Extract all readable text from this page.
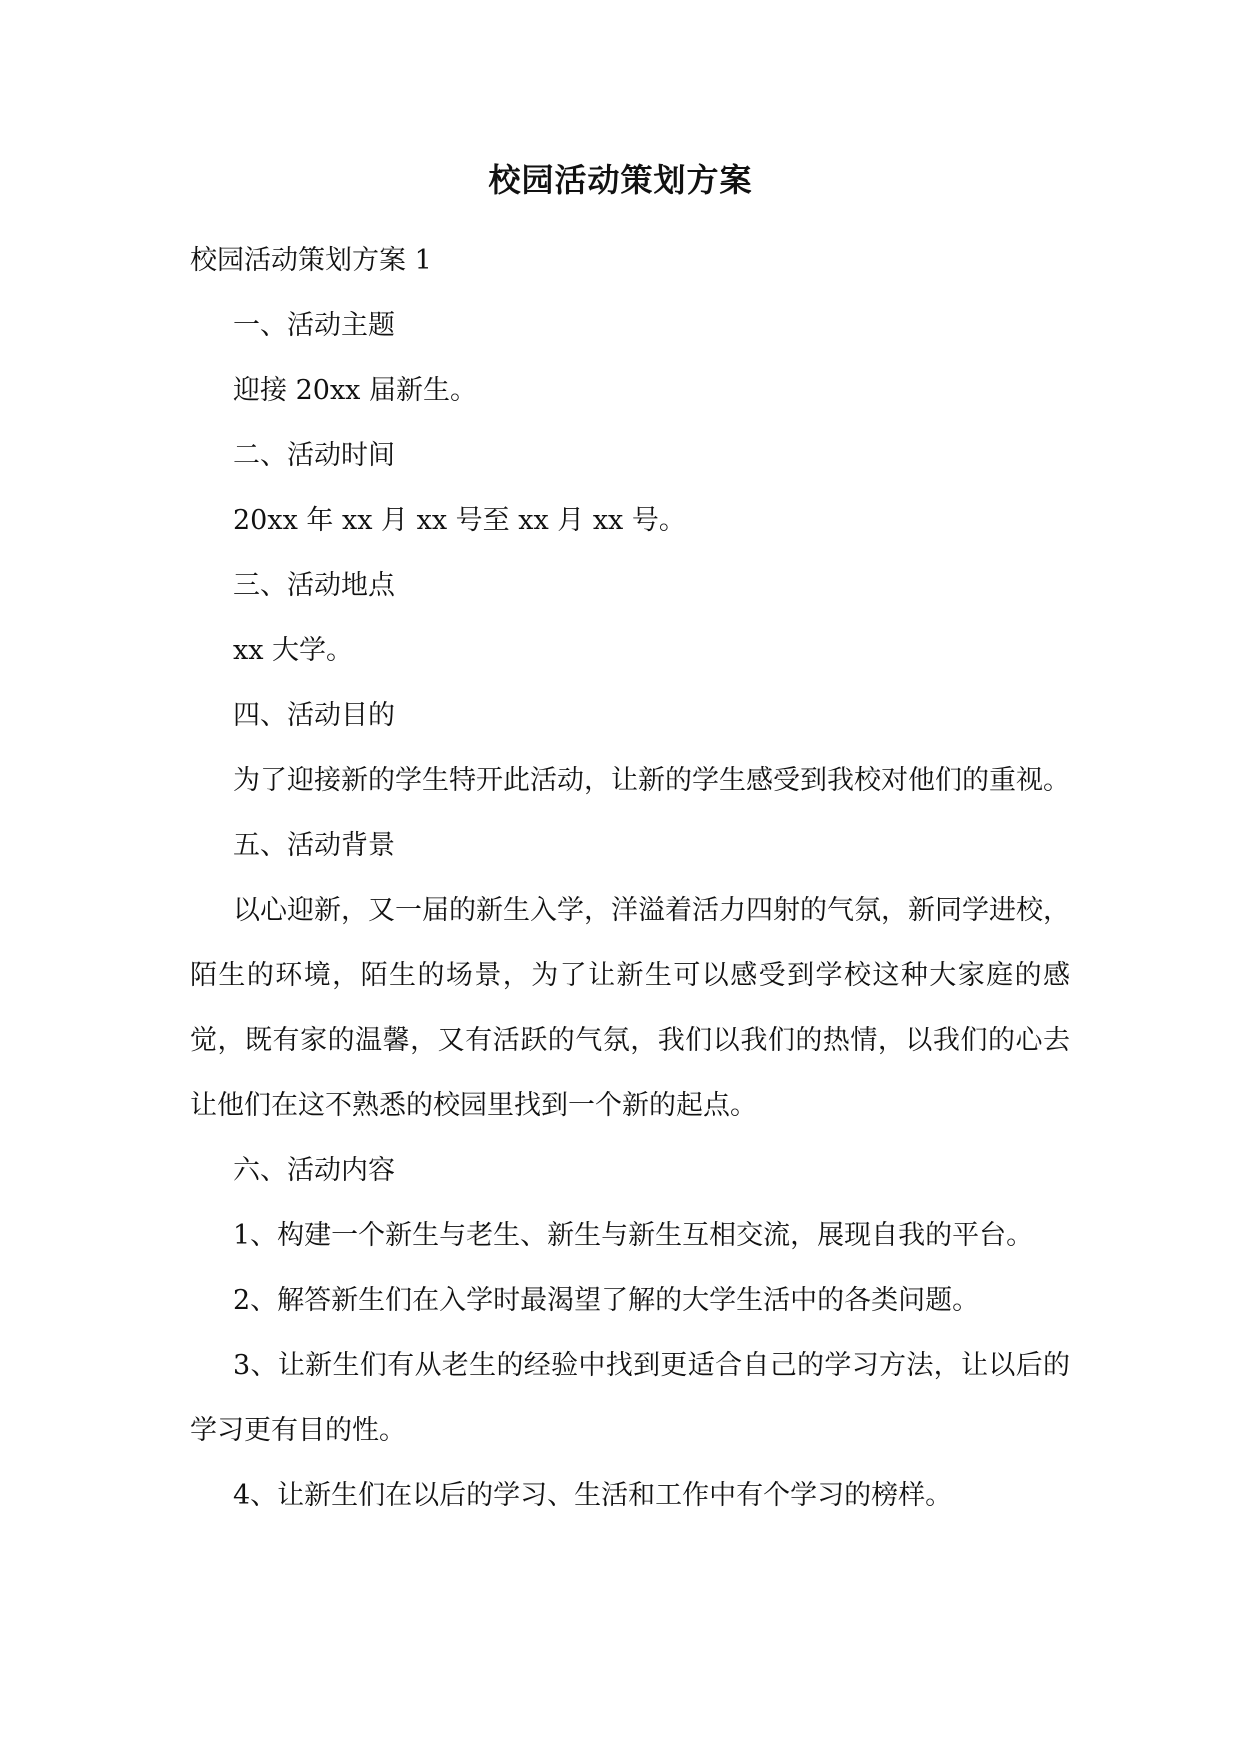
校园活动策划方案

校园活动策划方案 1

一、活动主题

迎接 20xx 届新生。

二、活动时间

20xx 年 xx 月 xx 号至 xx 月 xx 号。

三、活动地点

xx 大学。

四、活动目的

为了迎接新的学生特开此活动，让新的学生感受到我校对他们的重视。

五、活动背景

以心迎新，又一届的新生入学，洋溢着活力四射的气氛，新同学进校，陌生的环境，陌生的场景，为了让新生可以感受到学校这种大家庭的感觉，既有家的温馨，又有活跃的气氛，我们以我们的热情，以我们的心去让他们在这不熟悉的校园里找到一个新的起点。

六、活动内容

1、构建一个新生与老生、新生与新生互相交流，展现自我的平台。

2、解答新生们在入学时最渴望了解的大学生活中的各类问题。

3、让新生们有从老生的经验中找到更适合自己的学习方法，让以后的学习更有目的性。

4、让新生们在以后的学习、生活和工作中有个学习的榜样。
